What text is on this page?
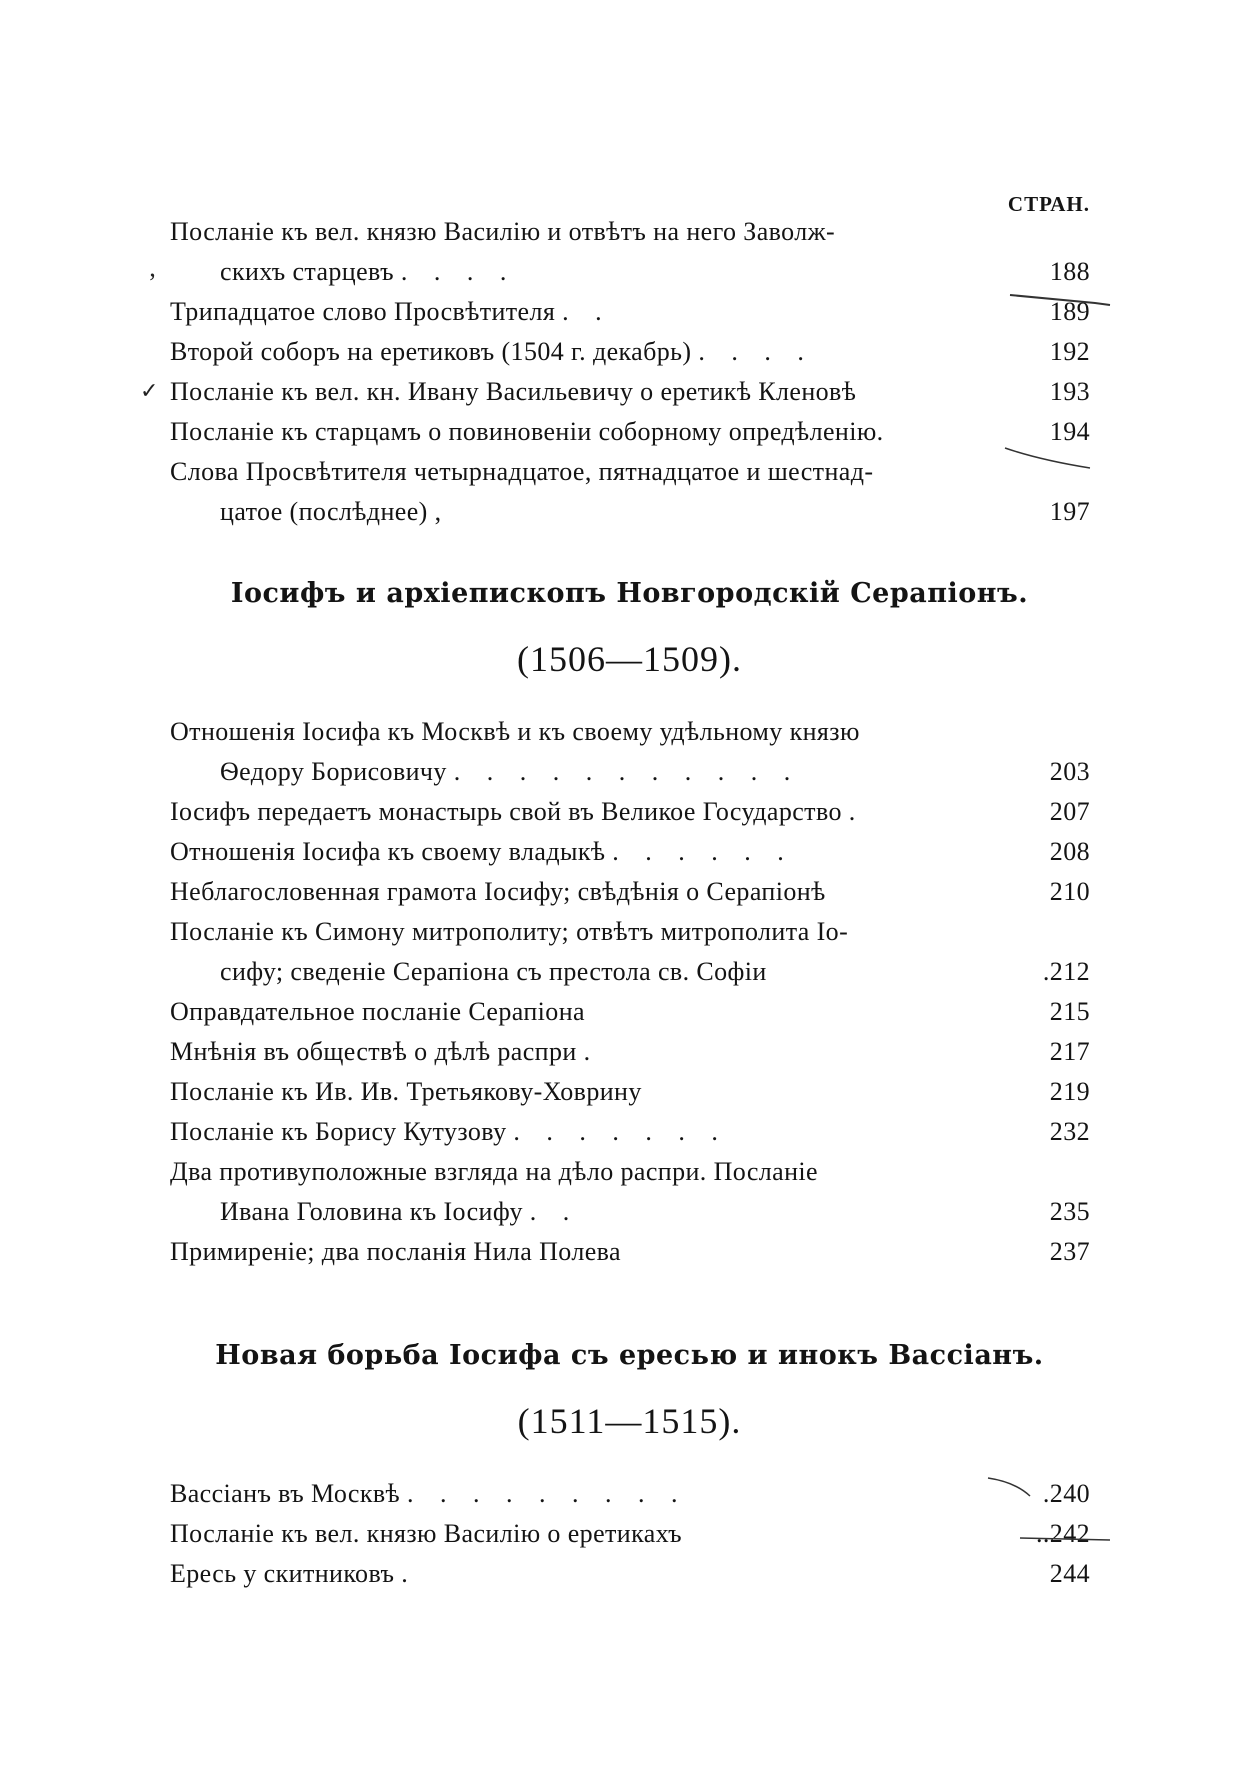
СТРАН.
Посланіе къ вел. князю Василію и отвѣтъ на него Заволж-
скихъ старцевъ . . . .	188
Трипадцатое слово Просвѣтителя . .	189
Второй соборъ на еретиковъ (1504 г. декабрь) . . . .	192
Посланіе къ вел. кн. Ивану Васильевичу о еретикѣ Кленовѣ	193
Посланіе къ старцамъ о повиновеніи соборному опредѣленію.	194
Слова Просвѣтителя четырнадцатое, пятнадцатое и шестнад-
цатое (послѣднее) ,	197
ʼ
✓
Іосифъ и архіепископъ Новгородскій Серапіонъ.
(1506—1509).
Отношенія Іосифа къ Москвѣ и къ своему удѣльному князю
Ѳедору Борисовичу . . . . . . . . . . .	203
Іосифъ передаетъ монастырь свой въ Великое Государство .	207
Отношенія Іосифа къ своему владыкѣ . . . . . .	208
Неблагословенная грамота Іосифу; свѣдѣнія о Серапіонѣ	210
Посланіе къ Симону митрополиту; отвѣтъ митрополита Іо-
сифу; сведеніе Серапіона съ престола св. Софіи	.212
Оправдательное посланіе Серапіона	215
Мнѣнія въ обществѣ о дѣлѣ распри .	217
Посланіе къ Ив. Ив. Третьякову-Ховрину	219
Посланіе къ Борису Кутузову . . . . . . .	232
Два противуположные взгляда на дѣло распри. Посланіе
Ивана Головина къ Іосифу . .	235
Примиреніе; два посланія Нила Полева	237
Новая борьба Іосифа съ ересью и инокъ Вассіанъ.
(1511—1515).
Вассіанъ въ Москвѣ . . . . . . . . .	.240
Посланіе къ вел. князю Василію о еретикахъ	..242
Ересь у скитниковъ .	244
